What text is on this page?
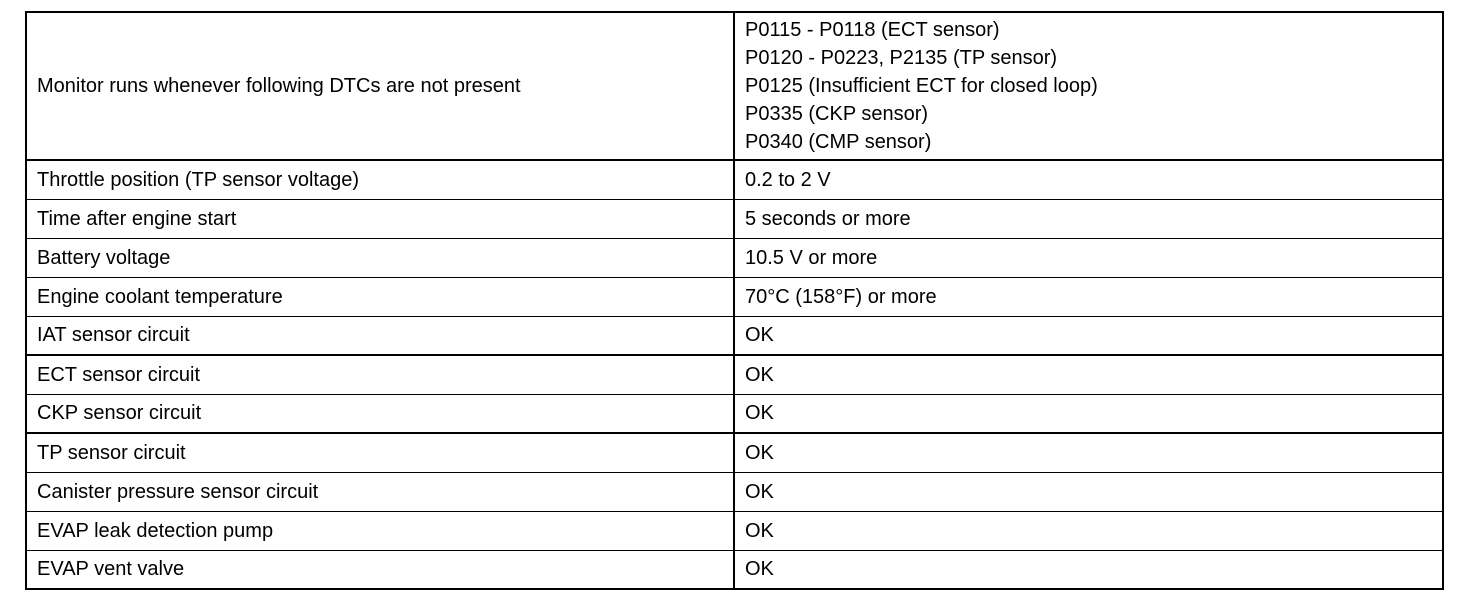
Monitor runs whenever following DTCs are not present	P0115 - P0118 (ECT sensor)
P0120 - P0223, P2135 (TP sensor)
P0125 (Insufficient ECT for closed loop)
P0335 (CKP sensor)
P0340 (CMP sensor)

Throttle position (TP sensor voltage)	0.2 to 2 V
Time after engine start	5 seconds or more
Battery voltage	10.5 V or more
Engine coolant temperature	70°C (158°F) or more
IAT sensor circuit	OK
ECT sensor circuit	OK
CKP sensor circuit	OK
TP sensor circuit	OK
Canister pressure sensor circuit	OK
EVAP leak detection pump	OK
EVAP vent valve	OK
